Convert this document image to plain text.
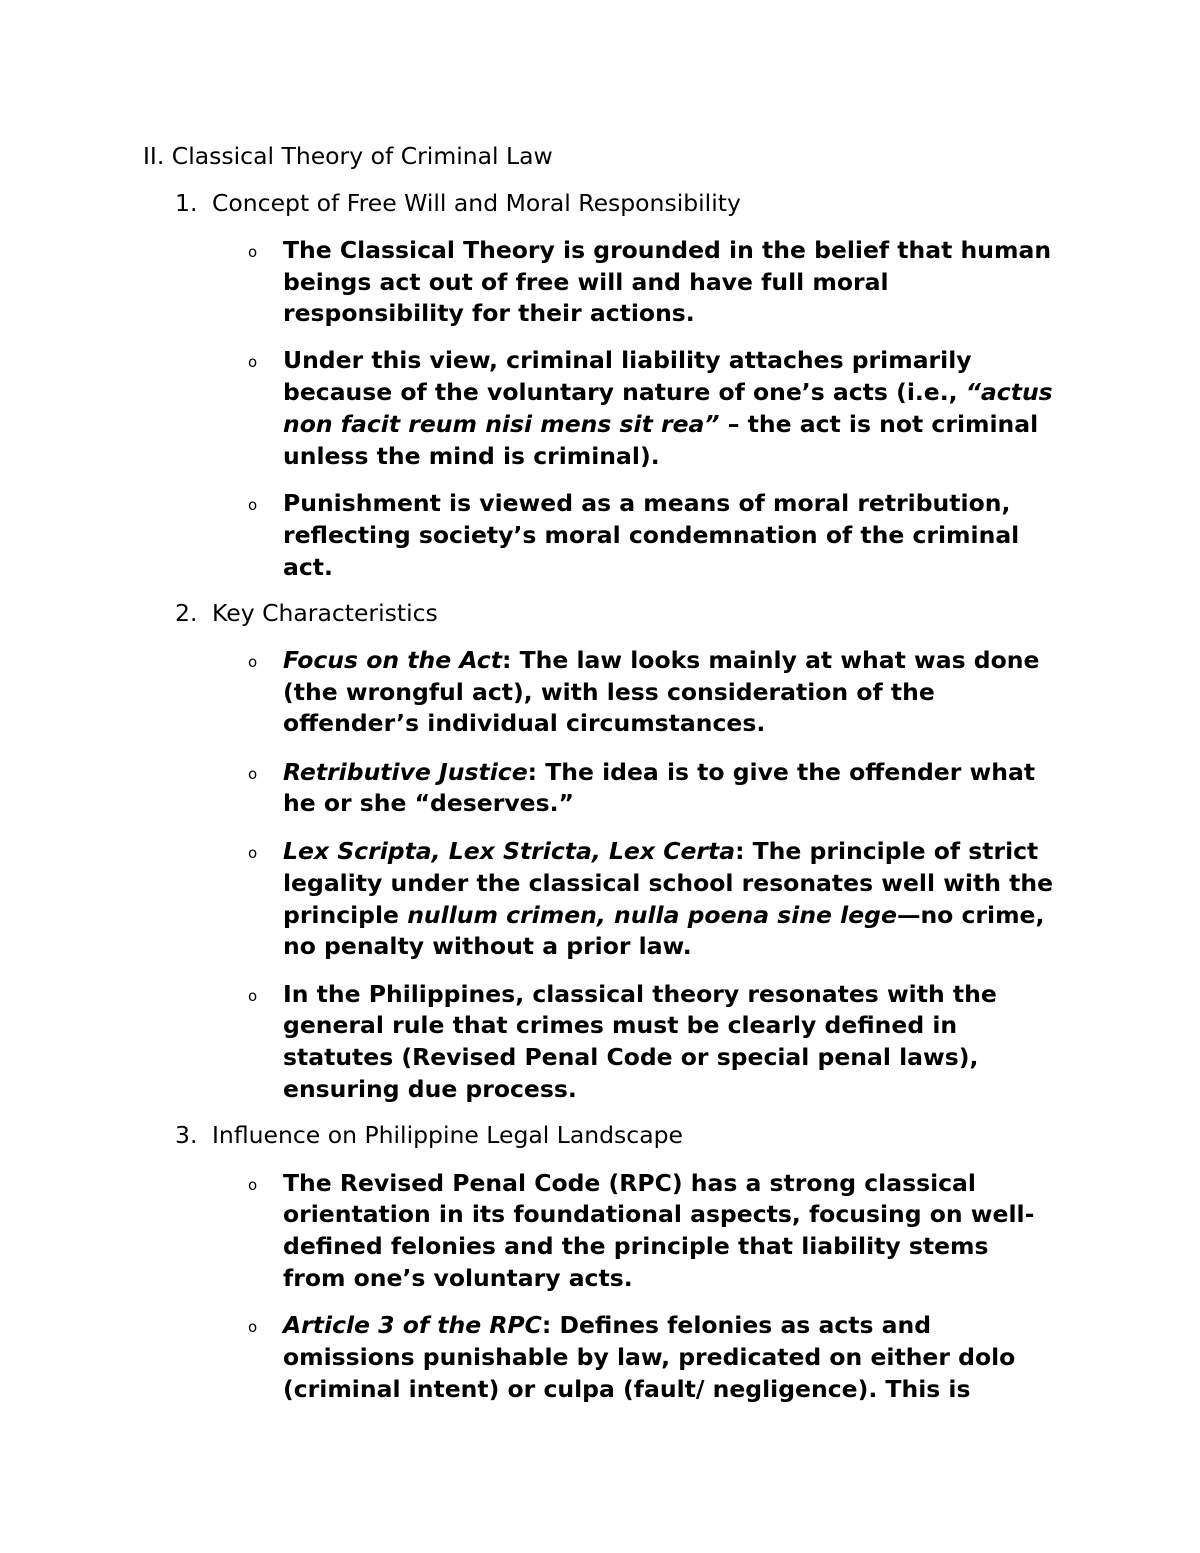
II. Classical Theory of Criminal Law
1. Concept of Free Will and Moral Responsibility
o The Classical Theory is grounded in the belief that human
beings act out of free will and have full moral
responsibility for their actions.
o Under this view, criminal liability attaches primarily
because of the voluntary nature of one’s acts (i.e., “actus
non facit reum nisi mens sit rea” – the act is not criminal
unless the mind is criminal).
o Punishment is viewed as a means of moral retribution,
reflecting society’s moral condemnation of the criminal
act.
2. Key Characteristics
o Focus on the Act: The law looks mainly at what was done
(the wrongful act), with less consideration of the
offender’s individual circumstances.
o Retributive Justice: The idea is to give the offender what
he or she “deserves.”
o Lex Scripta, Lex Stricta, Lex Certa: The principle of strict
legality under the classical school resonates well with the
principle nullum crimen, nulla poena sine lege—no crime,
no penalty without a prior law.
o In the Philippines, classical theory resonates with the
general rule that crimes must be clearly defined in
statutes (Revised Penal Code or special penal laws),
ensuring due process.
3. Influence on Philippine Legal Landscape
o The Revised Penal Code (RPC) has a strong classical
orientation in its foundational aspects, focusing on well-
defined felonies and the principle that liability stems
from one’s voluntary acts.
o Article 3 of the RPC: Defines felonies as acts and
omissions punishable by law, predicated on either dolo
(criminal intent) or culpa (fault/ negligence). This is
